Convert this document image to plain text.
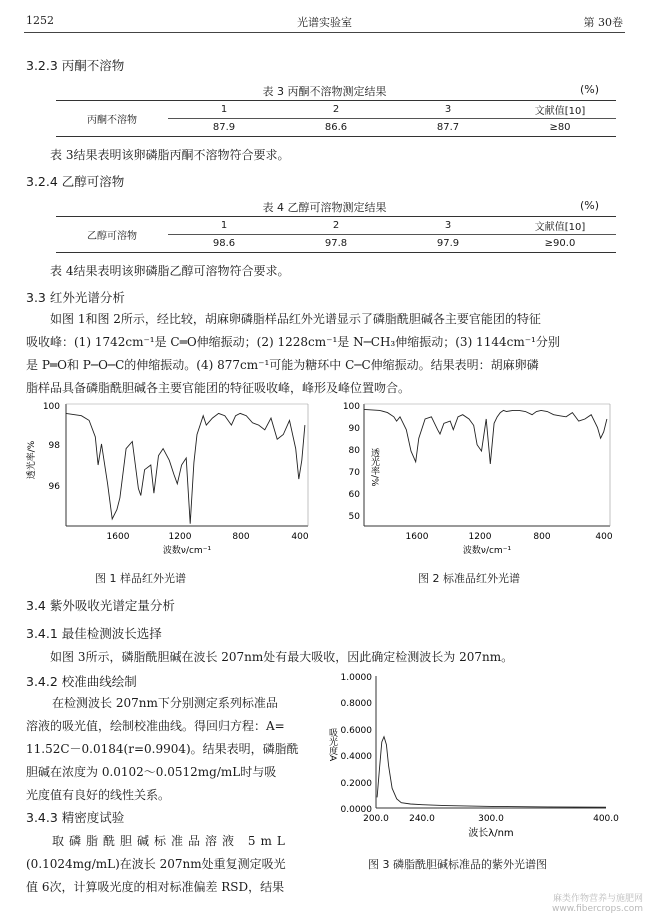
1252	光谱实验室	第 30卷
3.2.3 丙酮不溶物
表 3 丙酮不溶物测定结果	(%)
丙酮不溶物	1	2	3	文献值[10]
	87.9	86.6	87.7	≥80
表 3结果表明该卵磷脂丙酮不溶物符合要求。
3.2.4 乙醇可溶物
表 4 乙醇可溶物测定结果	(%)
乙醇可溶物	1	2	3	文献值[10]
	98.6	97.8	97.9	≥90.0
表 4结果表明该卵磷脂乙醇可溶物符合要求。
3.3 红外光谱分析
如图 1和图 2所示，经比较，胡麻卵磷脂样品红外光谱显示了磷脂酰胆碱各主要官能团的特征
吸收峰：(1) 1742cm⁻¹是 C═O伸缩振动；(2) 1228cm⁻¹是 N─CH₃伸缩振动；(3) 1144cm⁻¹分别
是 P═O和 P─O─C的伸缩振动。(4) 877cm⁻¹可能为糖环中 C─C伸缩振动。结果表明：胡麻卵磷
脂样品具备磷脂酰胆碱各主要官能团的特征吸收峰，峰形及峰位置吻合。
100
98
96
1600	1200	800	400
波数ν/cm⁻¹
透光率/%
图 1 样品红外光谱
100
90
80
70
60
50
1600	1200	800	400
波数ν/cm⁻¹
透光率/%
图 2 标准品红外光谱
3.4 紫外吸收光谱定量分析
3.4.1 最佳检测波长选择
如图 3所示，磷脂酰胆碱在波长 207nm处有最大吸收，因此确定检测波长为 207nm。
3.4.2 校准曲线绘制
在检测波长 207nm下分别测定系列标准品
溶液的吸光值，绘制校准曲线。得回归方程：A=
11.52C－0.0184(r=0.9904)。结果表明，磷脂酰
胆碱在浓度为 0.0102～0.0512mg/mL时与吸
光度值有良好的线性关系。
3.4.3 精密度试验
取磷脂酰胆碱标准品溶液 5mL
(0.1024mg/mL)在波长 207nm处重复测定吸光
值 6次，计算吸光度的相对标准偏差 RSD，结果
1.0000
0.8000
0.6000
0.4000
0.2000
0.0000
200.0 240.0	300.0	400.0
波长λ/nm
吸光度A
图 3 磷脂酰胆碱标准品的紫外光谱图
麻类作物营养与施肥网
www.fibercrops.com
